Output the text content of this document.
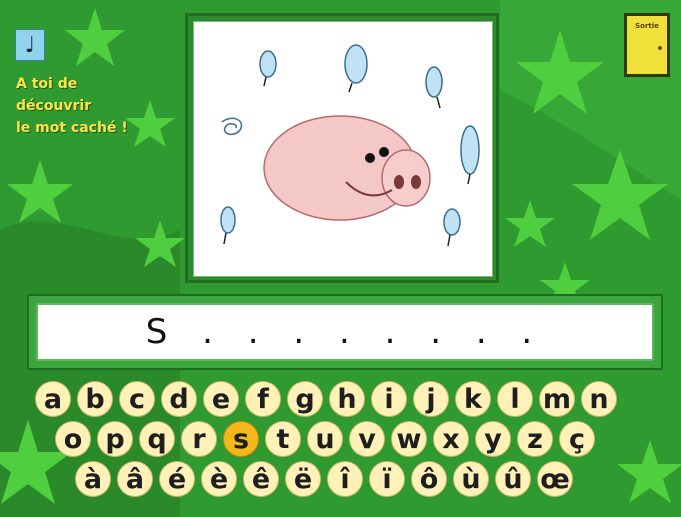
♩
A toi de
découvrir
le mot caché !
Sortie
S . . . . . . . .
a b c d e f g h	i	j	k	l m n
o p q r	s	t u v w x y z ç
à â é è ê ë	î	ï	ô ù û œ
